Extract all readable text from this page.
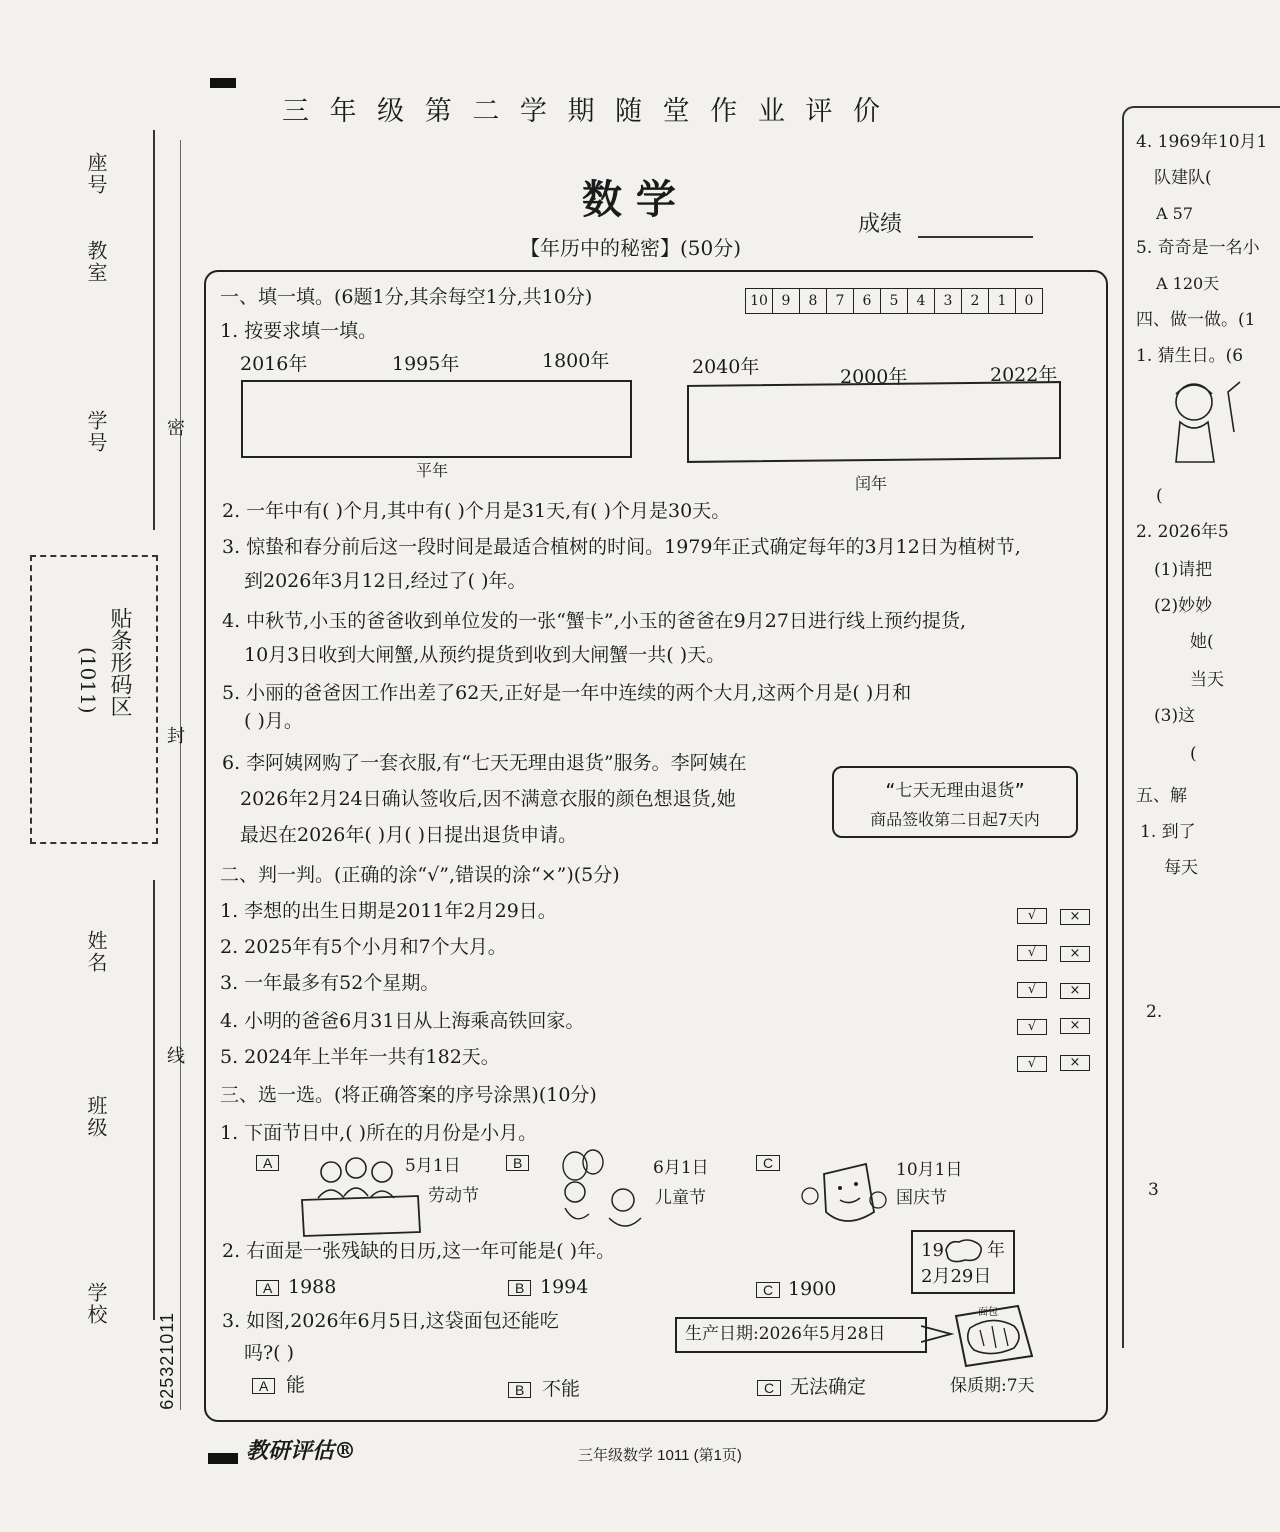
座号
教室
学号
姓名
班级
学校
贴条形码区
(1011)
密
封
线
625321011
三 年 级 第 二 学 期 随 堂 作 业 评 价
数 学
【年历中的秘密】(50分)
成绩
10 9	8	7	6	5	4	3	2	1	0
一、填一填。(6题1分,其余每空1分,共10分)
1. 按要求填一填。
2016年	1995年	1800年	2040年	2000年	2022年
平年
闰年
2. 一年中有( )个月,其中有( )个月是31天,有( )个月是30天。
3. 惊蛰和春分前后这一段时间是最适合植树的时间。1979年正式确定每年的3月12日为植树节,
到2026年3月12日,经过了( )年。
4. 中秋节,小玉的爸爸收到单位发的一张“蟹卡”,小玉的爸爸在9月27日进行线上预约提货,
10月3日收到大闸蟹,从预约提货到收到大闸蟹一共( )天。
5. 小丽的爸爸因工作出差了62天,正好是一年中连续的两个大月,这两个月是( )月和
( )月。
6. 李阿姨网购了一套衣服,有“七天无理由退货”服务。李阿姨在
2026年2月24日确认签收后,因不满意衣服的颜色想退货,她
最迟在2026年( )月( )日提出退货申请。
“七天无理由退货”
商品签收第二日起7天内
二、判一判。(正确的涂“√”,错误的涂“×”)(5分)
1. 李想的出生日期是2011年2月29日。
2. 2025年有5个小月和7个大月。
3. 一年最多有52个星期。
4. 小明的爸爸6月31日从上海乘高铁回家。
5. 2024年上半年一共有182天。
√	×
√	×
√	×
√	×
√	×
三、选一选。(将正确答案的序号涂黑)(10分)
1. 下面节日中,( )所在的月份是小月。
A	5月1日
劳动节
B	6月1日
儿童节
C	10月1日
国庆节
2. 右面是一张残缺的日历,这一年可能是( )年。
A 1988	B 1994	C 1900
19 年
2月29日
3. 如图,2026年6月5日,这袋面包还能吃
吗?( )
生产日期:2026年5月28日
面包
保质期:7天
A 能	B 不能	C 无法确定
教研评估®	三年级数学 1011 (第1页)
4. 1969年10月1
队建队(
A 57
5. 奇奇是一名小
A 120天
四、做一做。(1
1. 猜生日。(6
(
2. 2026年5
(1)请把
(2)妙妙
她(
当天
(3)这
(
五、解
1. 到了
每天
2.
3
